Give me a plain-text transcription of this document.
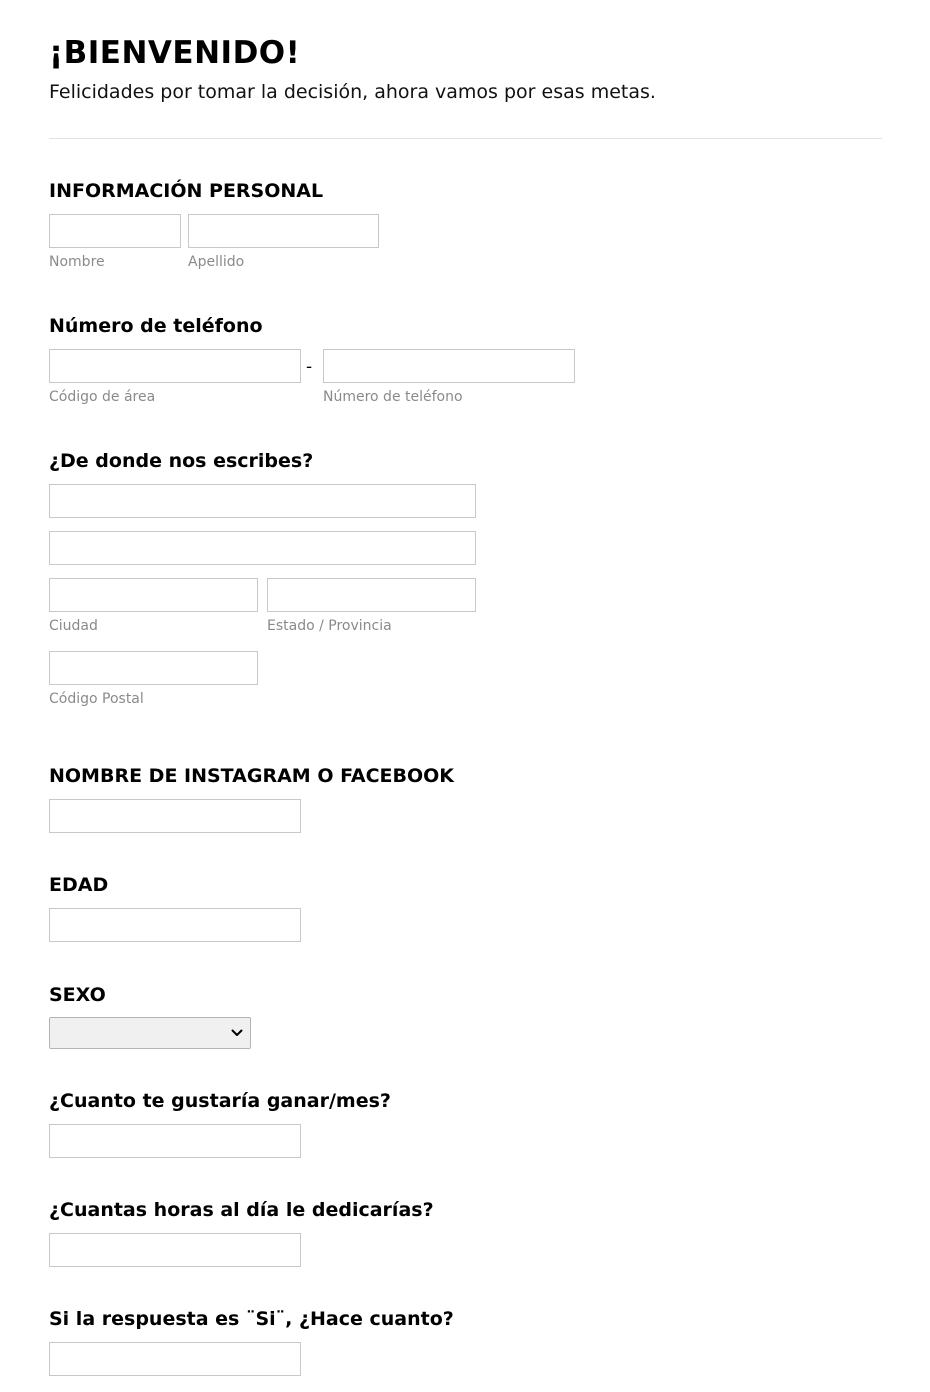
¡BIENVENIDO!
Felicidades por tomar la decisión, ahora vamos por esas metas.
INFORMACIÓN PERSONAL
Nombre	Apellido
Número de teléfono
-
Código de área	Número de teléfono
¿De donde nos escribes?
Ciudad	Estado / Provincia
Código Postal
NOMBRE DE INSTAGRAM O FACEBOOK
EDAD
SEXO
¿Cuanto te gustaría ganar/mes?
¿Cuantas horas al día le dedicarías?
Si la respuesta es ¨Si¨, ¿Hace cuanto?
